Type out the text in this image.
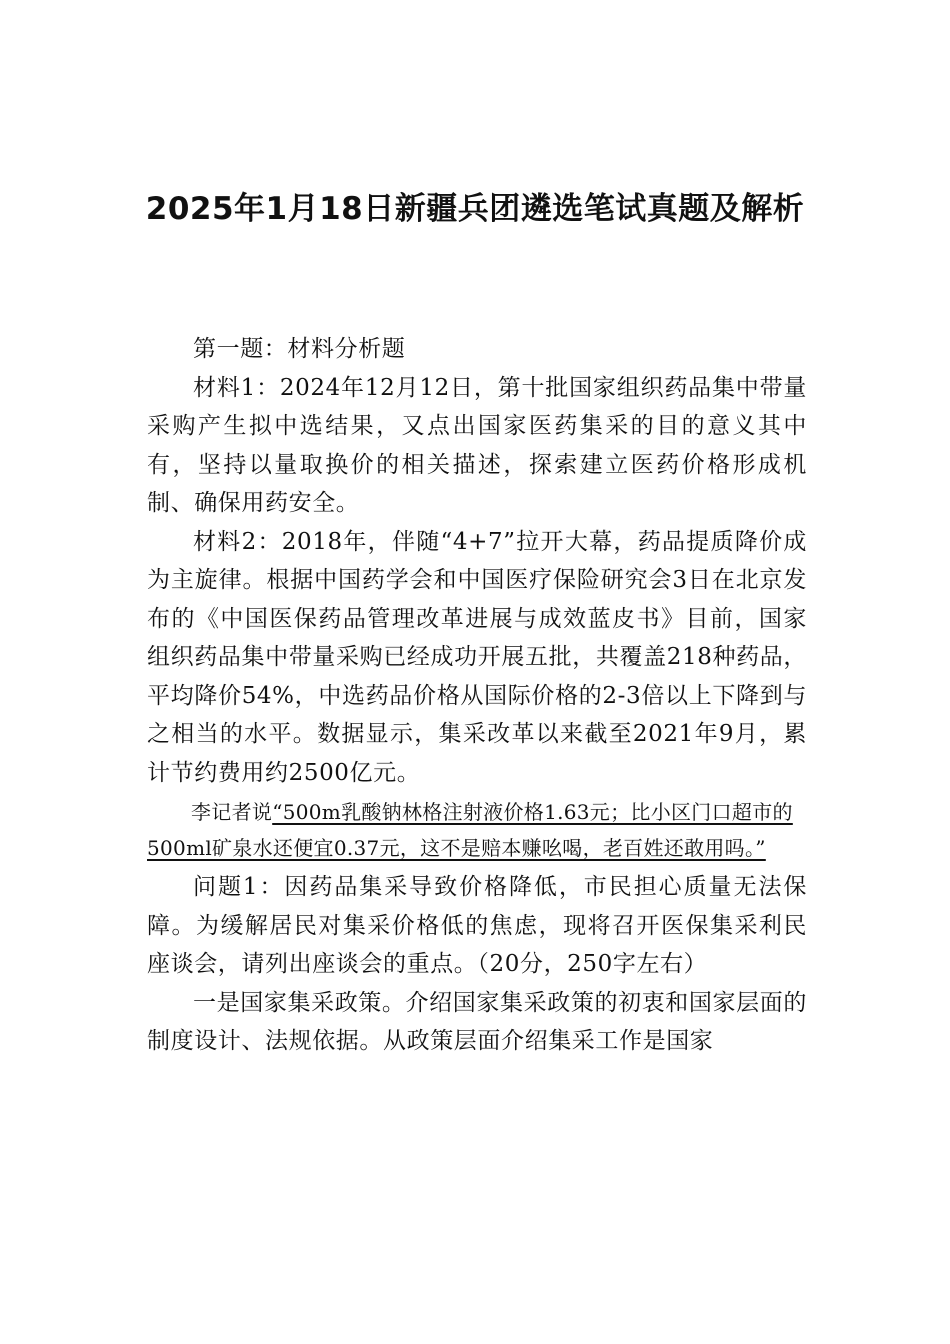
2025年1月18日新疆兵团遴选笔试真题及解析

第一题：材料分析题

材料1：2024年12月12日，第十批国家组织药品集中带量采购产生拟中选结果，又点出国家医药集采的目的意义其中有，坚持以量取换价的相关描述，探索建立医药价格形成机制、确保用药安全。

材料2：2018年，伴随“4+7”拉开大幕，药品提质降价成为主旋律。根据中国药学会和中国医疗保险研究会3日在北京发布的《中国医保药品管理改革进展与成效蓝皮书》目前，国家组织药品集中带量采购已经成功开展五批，共覆盖218种药品，平均降价54%，中选药品价格从国际价格的2-3倍以上下降到与之相当的水平。数据显示，集采改革以来截至2021年9月，累计节约费用约2500亿元。

李记者说“500m乳酸钠林格注射液价格1.63元；比小区门口超市的500ml矿泉水还便宜0.37元，这不是赔本赚吆喝，老百姓还敢用吗。”

问题1：因药品集采导致价格降低，市民担心质量无法保障。为缓解居民对集采价格低的焦虑，现将召开医保集采利民座谈会，请列出座谈会的重点。（20分，250字左右）

一是国家集采政策。介绍国家集采政策的初衷和国家层面的制度设计、法规依据。从政策层面介绍集采工作是国家
